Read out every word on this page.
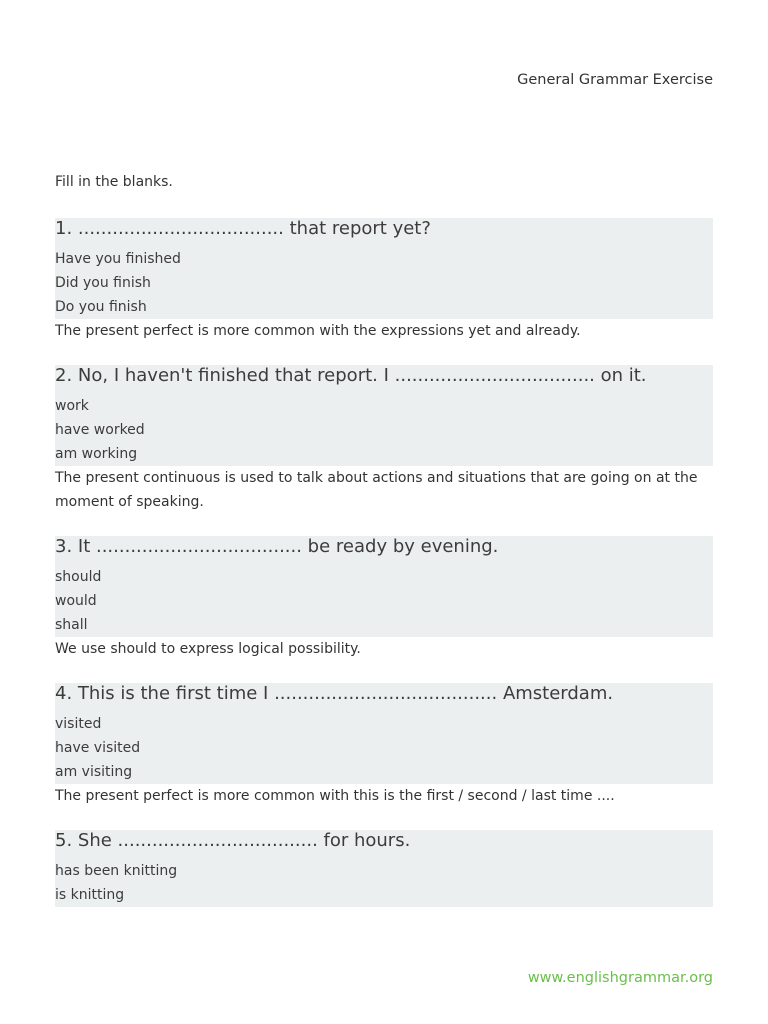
General Grammar Exercise
Fill in the blanks.
1. .................................... that report yet?
Have you finished
Did you finish
Do you finish
The present perfect is more common with the expressions yet and already.
2. No, I haven't finished that report. I ................................... on it.
work
have worked
am working
The present continuous is used to talk about actions and situations that are going on at the moment of speaking.
3. It .................................... be ready by evening.
should
would
shall
We use should to express logical possibility.
4. This is the first time I ....................................... Amsterdam.
visited
have visited
am visiting
The present perfect is more common with this is the first / second / last time ....
5. She ................................... for hours.
has been knitting
is knitting
www.englishgrammar.org
